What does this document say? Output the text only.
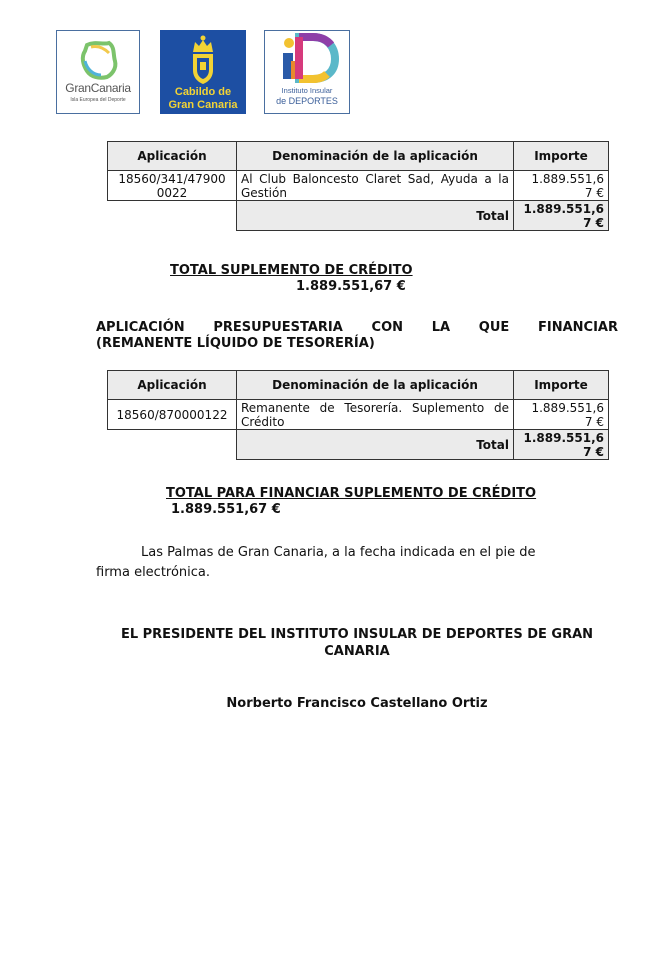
GranCanaria
Isla Europea del Deporte
Cabildo de
Gran Canaria
Instituto Insular
de DEPORTES
Aplicación	Denominación de la aplicación	Importe
18560/341/479000022	Al Club Baloncesto Claret Sad, Ayuda a la Gestión	1.889.551,67 €
	Total	1.889.551,67 €
TOTAL SUPLEMENTO DE CRÉDITO
1.889.551,67 €
APLICACIÓN PRESUPUESTARIA CON LA QUE FINANCIAR
(REMANENTE LÍQUIDO DE TESORERÍA)
Aplicación	Denominación de la aplicación	Importe
18560/870000122	Remanente de Tesorería. Suplemento de Crédito	1.889.551,67 €
	Total	1.889.551,67 €
TOTAL PARA FINANCIAR SUPLEMENTO DE CRÉDITO
1.889.551,67 €
Las Palmas de Gran Canaria, a la fecha indicada en el pie de
firma electrónica.
EL PRESIDENTE DEL INSTITUTO INSULAR DE DEPORTES DE GRAN
CANARIA
Norberto Francisco Castellano Ortiz
